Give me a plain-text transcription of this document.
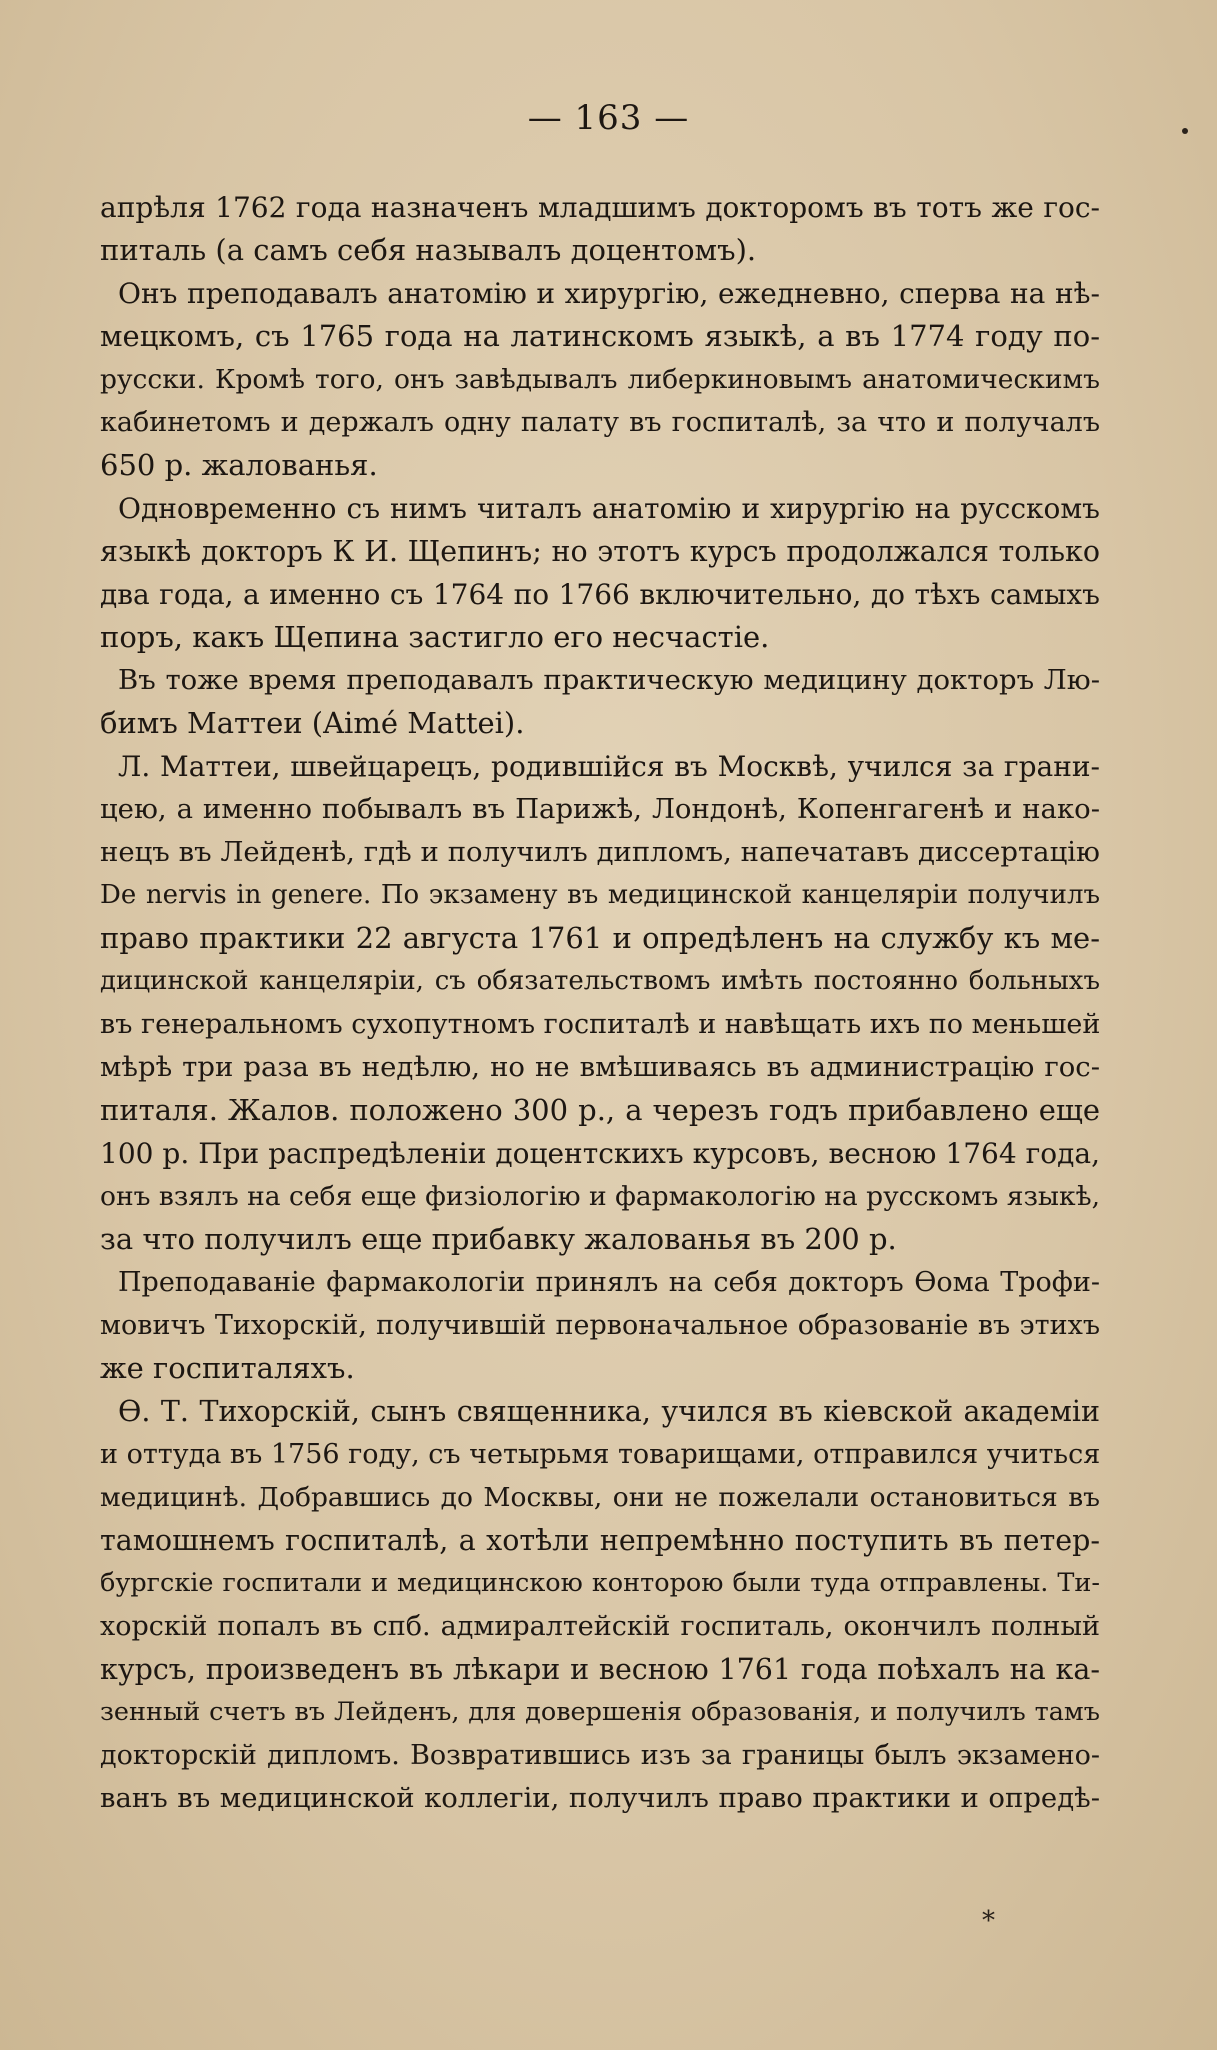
— 163 —
апрѣля 1762 года назначенъ младшимъ докторомъ въ тотъ же гос-
питаль (а самъ себя называлъ доцентомъ).
Онъ преподавалъ анатомію и хирургію, ежедневно, сперва на нѣ-
мецкомъ, съ 1765 года на латинскомъ языкѣ, а въ 1774 году по-
русски. Кромѣ того, онъ завѣдывалъ либеркиновымъ анатомическимъ
кабинетомъ и держалъ одну палату въ госпиталѣ, за что и получалъ
650 р. жалованья.
Одновременно съ нимъ читалъ анатомію и хирургію на русскомъ
языкѣ докторъ К И. Щепинъ; но этотъ курсъ продолжался только
два года, а именно съ 1764 по 1766 включительно, до тѣхъ самыхъ
поръ, какъ Щепина застигло его несчастіе.
Въ тоже время преподавалъ практическую медицину докторъ Лю-
бимъ Маттеи (Aimé Mattei).
Л. Маттеи, швейцарецъ, родившійся въ Москвѣ, учился за грани-
цею, а именно побывалъ въ Парижѣ, Лондонѣ, Копенгагенѣ и нако-
нецъ въ Лейденѣ, гдѣ и получилъ дипломъ, напечатавъ диссертацію
De nervis in genere. По экзамену въ медицинской канцеляріи получилъ
право практики 22 августа 1761 и опредѣленъ на службу къ ме-
дицинской канцеляріи, съ обязательствомъ имѣть постоянно больныхъ
въ генеральномъ сухопутномъ госпиталѣ и навѣщать ихъ по меньшей
мѣрѣ три раза въ недѣлю, но не вмѣшиваясь въ администрацію гос-
питаля. Жалов. положено 300 р., а черезъ годъ прибавлено еще
100 р. При распредѣленіи доцентскихъ курсовъ, весною 1764 года,
онъ взялъ на себя еще физіологію и фармакологію на русскомъ языкѣ,
за что получилъ еще прибавку жалованья въ 200 р.
Преподаваніе фармакологіи принялъ на себя докторъ Ѳома Трофи-
мовичъ Тихорскій, получившій первоначальное образованіе въ этихъ
же госпиталяхъ.
Ѳ. Т. Тихорскій, сынъ священника, учился въ кіевской академіи
и оттуда въ 1756 году, съ четырьмя товарищами, отправился учиться
медицинѣ. Добравшись до Москвы, они не пожелали остановиться въ
тамошнемъ госпиталѣ, а хотѣли непремѣнно поступить въ петер-
бургскіе госпитали и медицинскою конторою были туда отправлены. Ти-
хорскій попалъ въ спб. адмиралтейскій госпиталь, окончилъ полный
курсъ, произведенъ въ лѣкари и весною 1761 года поѣхалъ на ка-
зенный счетъ въ Лейденъ, для довершенія образованія, и получилъ тамъ
докторскій дипломъ. Возвратившись изъ за границы былъ экзамено-
ванъ въ медицинской коллегіи, получилъ право практики и опредѣ-
*
